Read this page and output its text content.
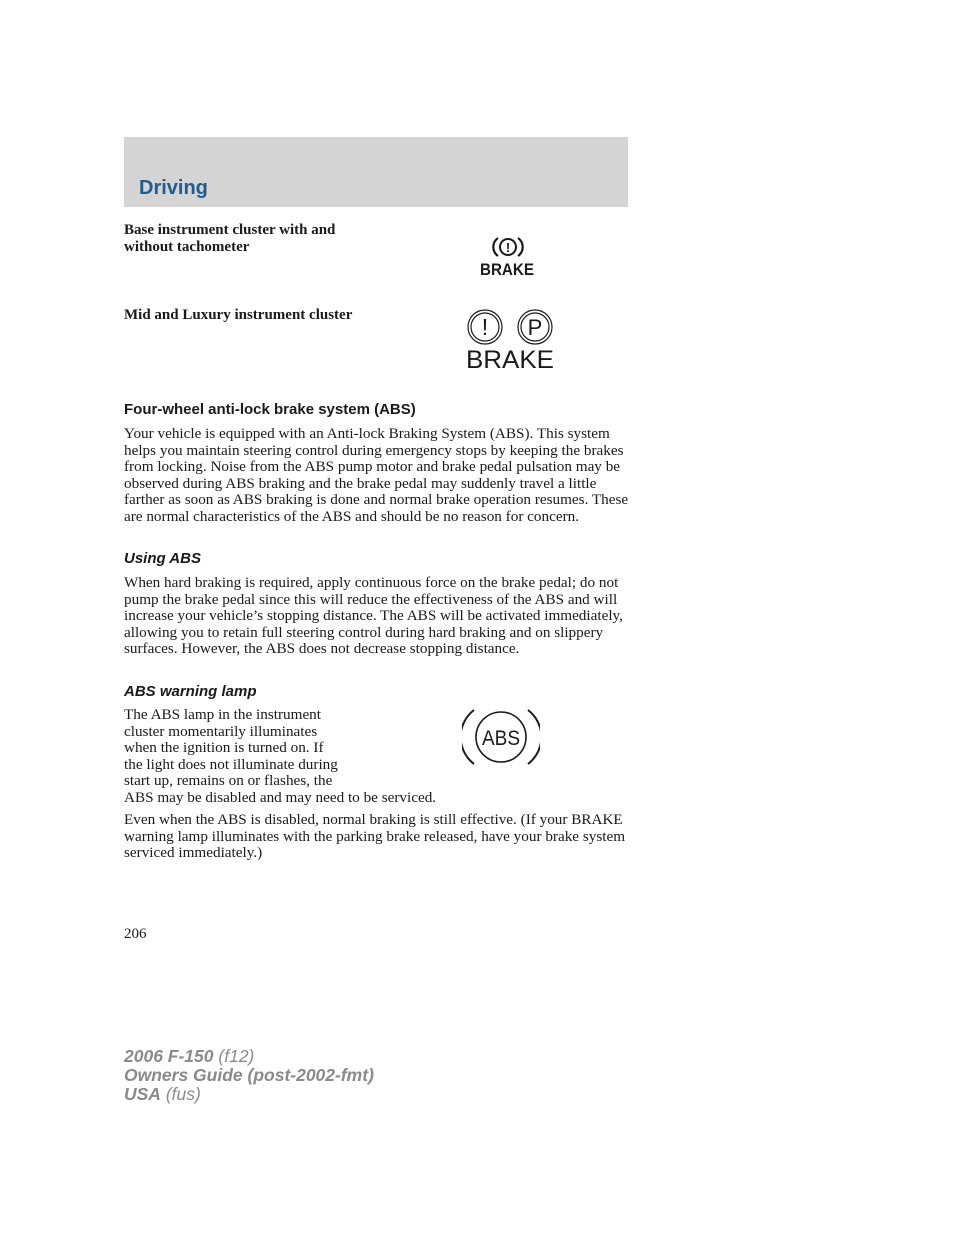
Driving
Base instrument cluster with and without tachometer	!
BRAKE
Mid and Luxury instrument cluster	! P
BRAKE
Four-wheel anti-lock brake system (ABS)

Your vehicle is equipped with an Anti-lock Braking System (ABS). This system helps you maintain steering control during emergency stops by keeping the brakes from locking. Noise from the ABS pump motor and brake pedal pulsation may be observed during ABS braking and the brake pedal may suddenly travel a little farther as soon as ABS braking is done and normal brake operation resumes. These are normal characteristics of the ABS and should be no reason for concern.

Using ABS

When hard braking is required, apply continuous force on the brake pedal; do not pump the brake pedal since this will reduce the effectiveness of the ABS and will increase your vehicle’s stopping distance. The ABS will be activated immediately, allowing you to retain full steering control during hard braking and on slippery surfaces. However, the ABS does not decrease stopping distance.

ABS warning lamp
The ABS lamp in the instrument
cluster momentarily illuminates
when the ignition is turned on. If
the light does not illuminate during
start up, remains on or flashes, the
ABS may be disabled and may need to be serviced.
ABS

Even when the ABS is disabled, normal braking is still effective. (If your BRAKE warning lamp illuminates with the parking brake released, have your brake system serviced immediately.)

206
2006 F-150 (f12)
Owners Guide (post-2002-fmt)
USA (fus)
